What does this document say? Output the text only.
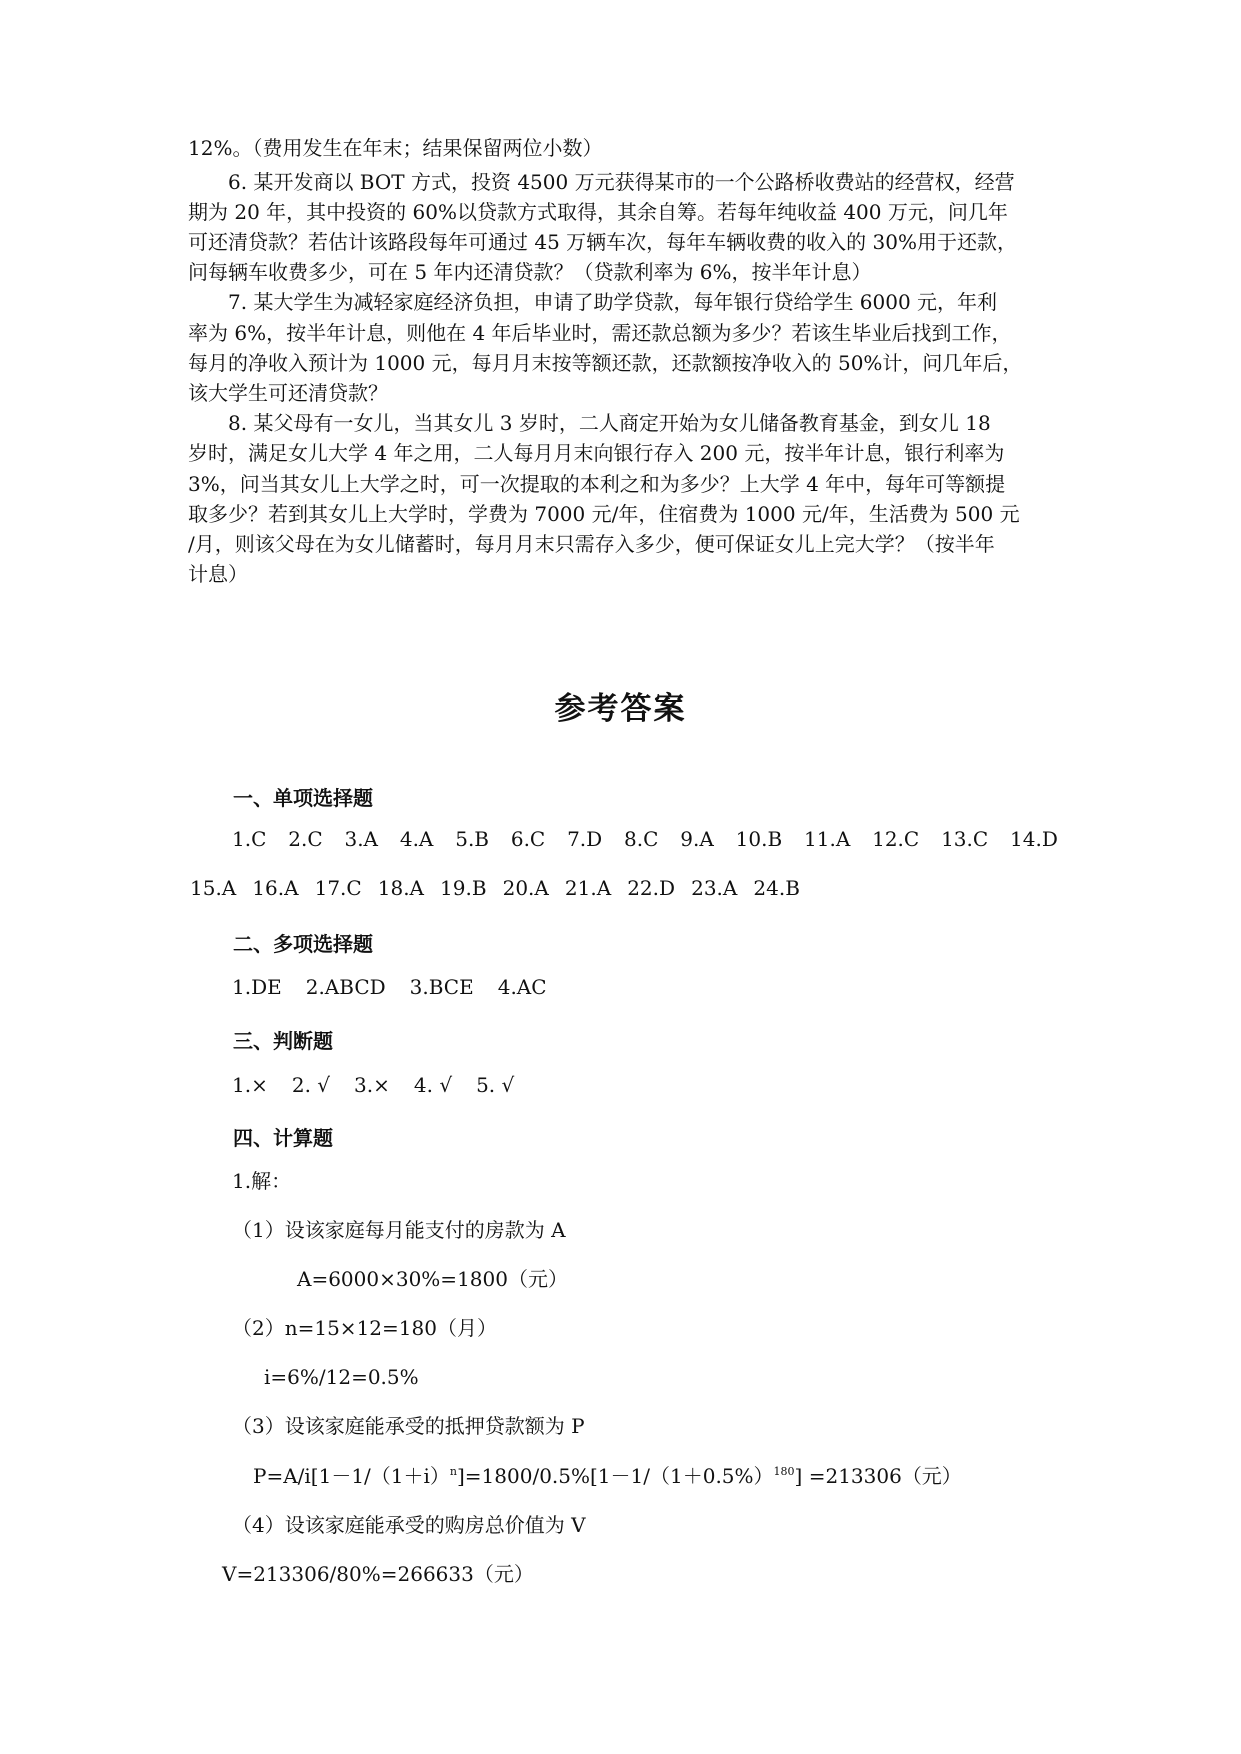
12%。（费用发生在年末；结果保留两位小数）
6. 某开发商以 BOT 方式，投资 4500 万元获得某市的一个公路桥收费站的经营权，经营
期为 20 年，其中投资的 60%以贷款方式取得，其余自筹。若每年纯收益 400 万元，问几年
可还清贷款？若估计该路段每年可通过 45 万辆车次，每年车辆收费的收入的 30%用于还款，
问每辆车收费多少，可在 5 年内还清贷款？（贷款利率为 6%，按半年计息）
7. 某大学生为减轻家庭经济负担，申请了助学贷款，每年银行贷给学生 6000 元，年利
率为 6%，按半年计息，则他在 4 年后毕业时，需还款总额为多少？若该生毕业后找到工作，
每月的净收入预计为 1000 元，每月月末按等额还款，还款额按净收入的 50%计，问几年后，
该大学生可还清贷款？
8. 某父母有一女儿，当其女儿 3 岁时，二人商定开始为女儿储备教育基金，到女儿 18
岁时，满足女儿大学 4 年之用，二人每月月末向银行存入 200 元，按半年计息，银行利率为
3%，问当其女儿上大学之时，可一次提取的本利之和为多少？上大学 4 年中，每年可等额提
取多少？若到其女儿上大学时，学费为 7000 元/年，住宿费为 1000 元/年，生活费为 500 元
/月，则该父母在为女儿储蓄时，每月月末只需存入多少，便可保证女儿上完大学？（按半年
计息）
参考答案
一、单项选择题
1.C 2.C 3.A 4.A 5.B 6.C 7.D 8.C 9.A 10.B 11.A 12.C 13.C 14.D
15.A 16.A 17.C 18.A 19.B 20.A 21.A 22.D 23.A 24.B
二、多项选择题
1.DE 2.ABCD 3.BCE 4.AC
三、判断题
1.× 2. √ 3.× 4. √ 5. √
四、计算题
1.解：
（1）设该家庭每月能支付的房款为 A
A=6000×30%=1800（元）
（2）n=15×12=180（月）
i=6%/12=0.5%
（3）设该家庭能承受的抵押贷款额为 P
$P=A/i[1-1/(1+i)^n]=1800/0.5\%[1-1/(1+0.5\%)^{180}] =213306$（元）
（4）设该家庭能承受的购房总价值为 V
V=213306/80%=266633（元）
